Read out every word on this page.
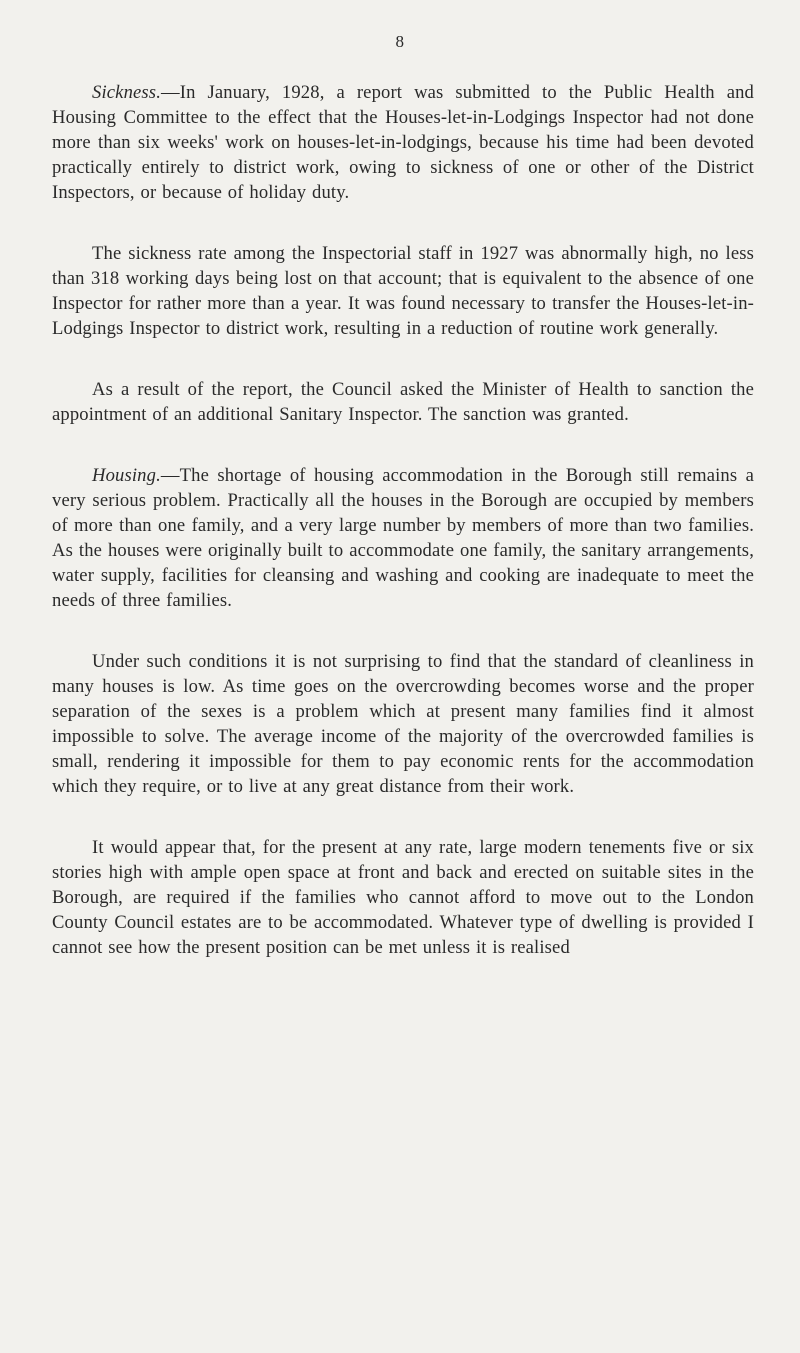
8

Sickness.—In January, 1928, a report was submitted to the Public Health and Housing Committee to the effect that the Houses-let-in-Lodgings Inspector had not done more than six weeks' work on houses-let-in-lodgings, because his time had been devoted practically entirely to district work, owing to sickness of one or other of the District Inspectors, or because of holiday duty.

The sickness rate among the Inspectorial staff in 1927 was abnormally high, no less than 318 working days being lost on that account; that is equivalent to the absence of one Inspector for rather more than a year. It was found necessary to transfer the Houses-let-in-Lodgings Inspector to district work, resulting in a reduction of routine work generally.

As a result of the report, the Council asked the Minister of Health to sanction the appointment of an additional Sanitary Inspector. The sanction was granted.

Housing.—The shortage of housing accommodation in the Borough still remains a very serious problem. Practically all the houses in the Borough are occupied by members of more than one family, and a very large number by members of more than two families. As the houses were originally built to accommodate one family, the sanitary arrangements, water supply, facilities for cleansing and washing and cooking are inadequate to meet the needs of three families.

Under such conditions it is not surprising to find that the standard of cleanliness in many houses is low. As time goes on the overcrowding becomes worse and the proper separation of the sexes is a problem which at present many families find it almost impossible to solve. The average income of the majority of the overcrowded families is small, rendering it impossible for them to pay economic rents for the accommodation which they require, or to live at any great distance from their work.

It would appear that, for the present at any rate, large modern tenements five or six stories high with ample open space at front and back and erected on suitable sites in the Borough, are required if the families who cannot afford to move out to the London County Council estates are to be accommodated. Whatever type of dwelling is provided I cannot see how the present position can be met unless it is realised
